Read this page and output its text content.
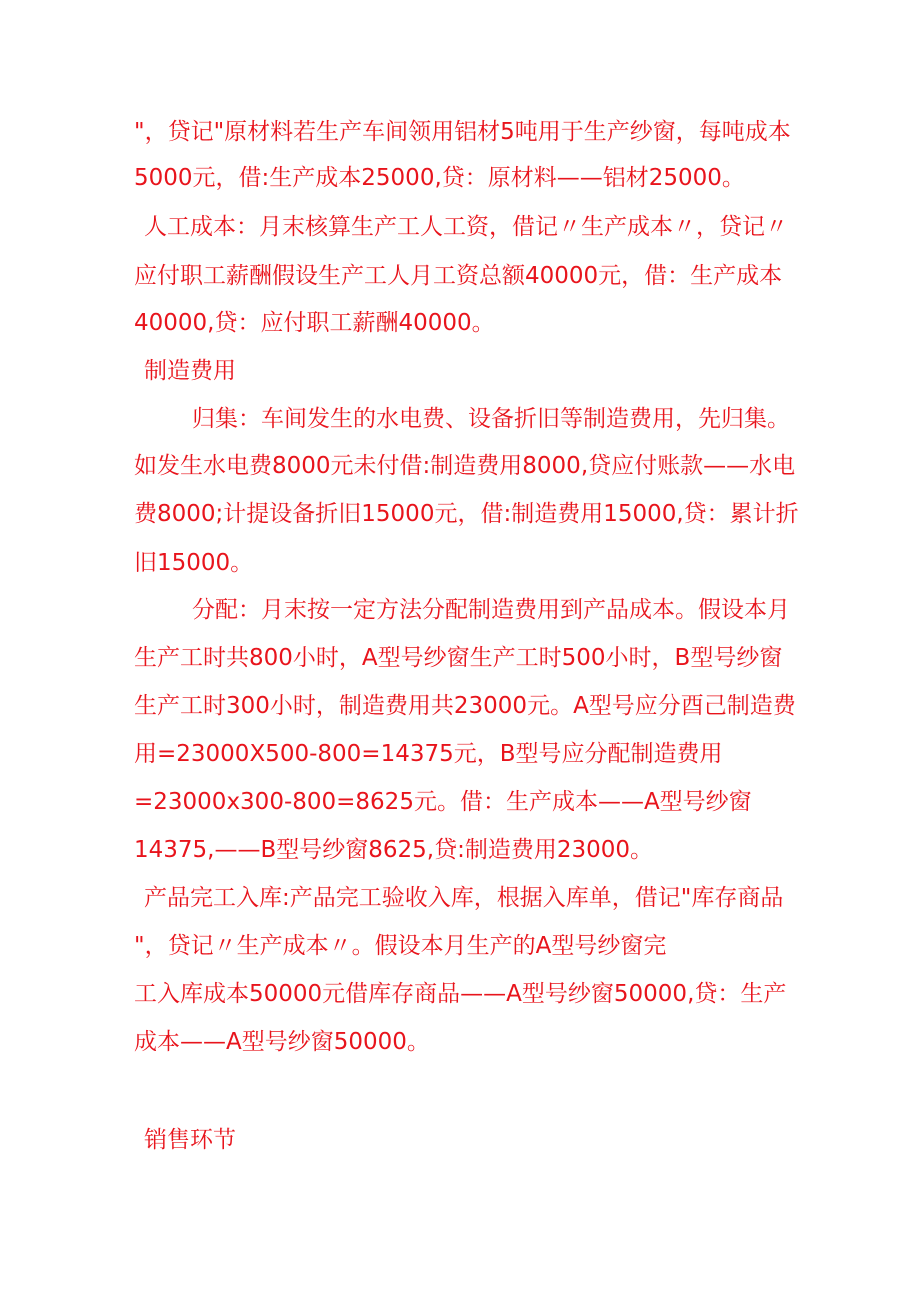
"，贷记"原材料若生产车间领用铝材5吨用于生产纱窗，每吨成本
5000元，借:生产成本25000,贷：原材料——铝材25000。
人工成本：月末核算生产工人工资，借记〃生产成本〃，贷记〃
应付职工薪酬假设生产工人月工资总额40000元，借：生产成本
40000,贷：应付职工薪酬40000。
制造费用
归集：车间发生的水电费、设备折旧等制造费用，先归集。
如发生水电费8000元未付借:制造费用8000,贷应付账款——水电
费8000;计提设备折旧15000元，借:制造费用15000,贷：累计折
旧15000。
分配：月末按一定方法分配制造费用到产品成本。假设本月
生产工时共800小时，A型号纱窗生产工时500小时，B型号纱窗
生产工时300小时，制造费用共23000元。A型号应分酉己制造费
用=23000X500-800=14375元，B型号应分配制造费用
=23000x300-800=8625元。借：生产成本——A型号纱窗
14375,——B型号纱窗8625,贷:制造费用23000。
产品完工入库:产品完工验收入库，根据入库单，借记"库存商品
"，贷记〃生产成本〃。假设本月生产的A型号纱窗完
工入库成本50000元借库存商品——A型号纱窗50000,贷：生产
成本——A型号纱窗50000。
销售环节
